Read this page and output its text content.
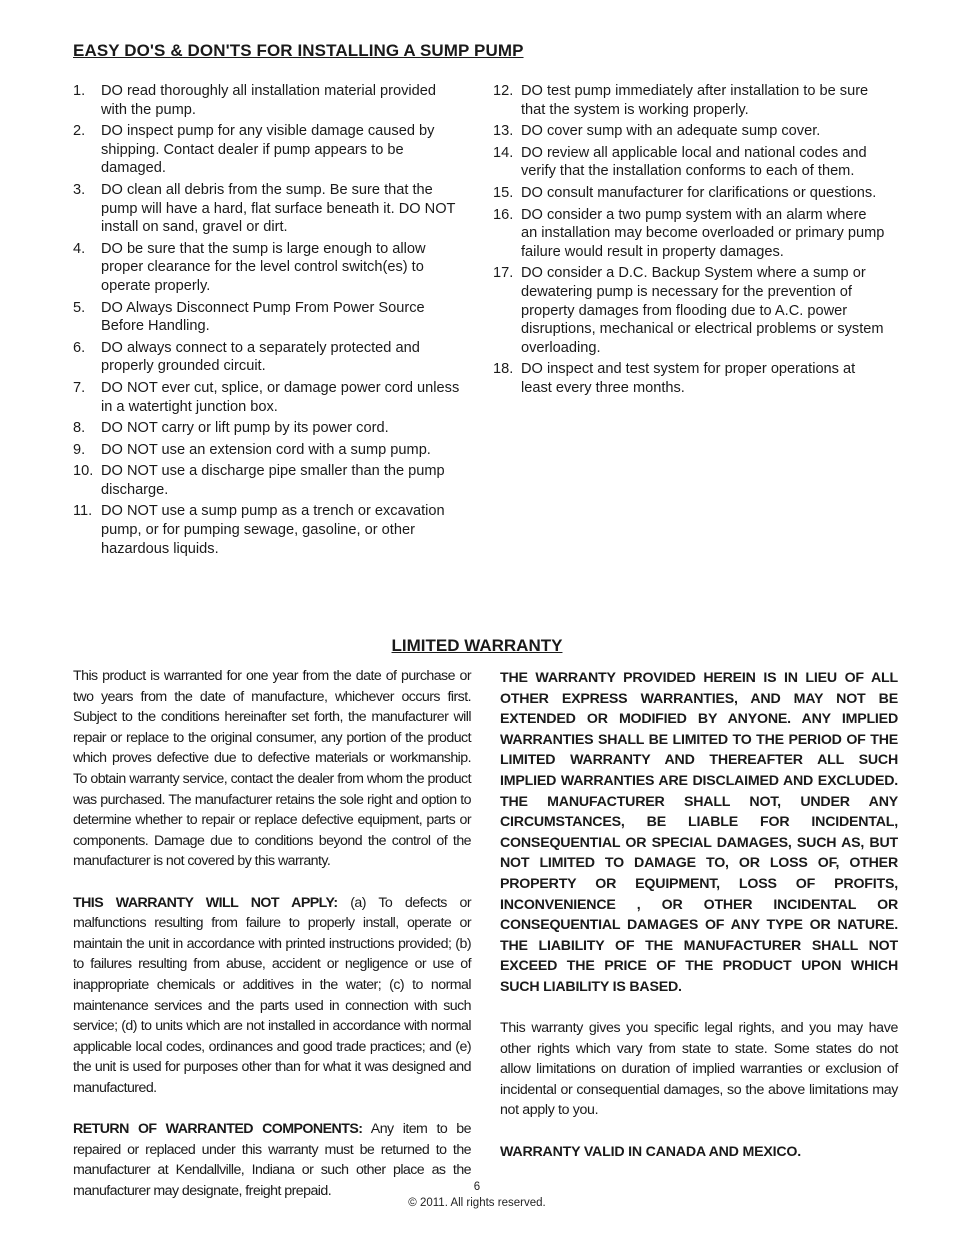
EASY DO'S & DON'TS FOR INSTALLING A SUMP PUMP
1. DO read thoroughly all installation material provided with the pump.
2. DO inspect pump for any visible damage caused by shipping. Contact dealer if pump appears to be damaged.
3. DO clean all debris from the sump. Be sure that the pump will have a hard, flat surface beneath it. DO NOT install on sand, gravel or dirt.
4. DO be sure that the sump is large enough to allow proper clearance for the level control switch(es) to operate properly.
5. DO Always Disconnect Pump From Power Source Before Handling.
6. DO always connect to a separately protected and properly grounded circuit.
7. DO NOT ever cut, splice, or damage power cord unless in a watertight junction box.
8. DO NOT carry or lift pump by its power cord.
9. DO NOT use an extension cord with a sump pump.
10. DO NOT use a discharge pipe smaller than the pump discharge.
11. DO NOT use a sump pump as a trench or excavation pump, or for pumping sewage, gasoline, or other hazardous liquids.
12. DO test pump immediately after installation to be sure that the system is working properly.
13. DO cover sump with an adequate sump cover.
14. DO review all applicable local and national codes and verify that the installation conforms to each of them.
15. DO consult manufacturer for clarifications or questions.
16. DO consider a two pump system with an alarm where an installation may become overloaded or primary pump failure would result in property damages.
17. DO consider a D.C. Backup System where a sump or dewatering pump is necessary for the prevention of property damages from flooding due to A.C. power disruptions, mechanical or electrical problems or system overloading.
18. DO inspect and test system for proper operations at least every three months.
LIMITED WARRANTY

This product is warranted for one year from the date of purchase or two years from the date of manufacture, whichever occurs first. Subject to the conditions hereinafter set forth, the manufacturer will repair or replace to the original consumer, any portion of the product which proves defective due to defective materials or workmanship. To obtain warranty service, contact the dealer from whom the product was purchased. The manufacturer retains the sole right and option to determine whether to repair or replace defective equipment, parts or components. Damage due to conditions beyond the control of the manufacturer is not covered by this warranty.

THIS WARRANTY WILL NOT APPLY: (a) To defects or malfunctions resulting from failure to properly install, operate or maintain the unit in accordance with printed instructions provided; (b) to failures resulting from abuse, accident or negligence or use of inappropriate chemicals or additives in the water; (c) to normal maintenance services and the parts used in connection with such service; (d) to units which are not installed in accordance with normal applicable local codes, ordinances and good trade practices; and (e) the unit is used for purposes other than for what it was designed and manufactured.

RETURN OF WARRANTED COMPONENTS: Any item to be repaired or replaced under this warranty must be returned to the manufacturer at Kendallville, Indiana or such other place as the manufacturer may designate, freight prepaid.

THE WARRANTY PROVIDED HEREIN IS IN LIEU OF ALL OTHER EXPRESS WARRANTIES, AND MAY NOT BE EXTENDED OR MODIFIED BY ANYONE. ANY IMPLIED WARRANTIES SHALL BE LIMITED TO THE PERIOD OF THE LIMITED WARRANTY AND THEREAFTER ALL SUCH IMPLIED WARRANTIES ARE DISCLAIMED AND EXCLUDED. THE MANUFACTURER SHALL NOT, UNDER ANY CIRCUMSTANCES, BE LIABLE FOR INCIDENTAL, CONSEQUENTIAL OR SPECIAL DAMAGES, SUCH AS, BUT NOT LIMITED TO DAMAGE TO, OR LOSS OF, OTHER PROPERTY OR EQUIPMENT, LOSS OF PROFITS, INCONVENIENCE , OR OTHER INCIDENTAL OR CONSEQUENTIAL DAMAGES OF ANY TYPE OR NATURE. THE LIABILITY OF THE MANUFACTURER SHALL NOT EXCEED THE PRICE OF THE PRODUCT UPON WHICH SUCH LIABILITY IS BASED.

This warranty gives you specific legal rights, and you may have other rights which vary from state to state. Some states do not allow limitations on duration of implied warranties or exclusion of incidental or consequential damages, so the above limitations may not apply to you.

WARRANTY VALID IN CANADA AND MEXICO.

6
© 2011. All rights reserved.
